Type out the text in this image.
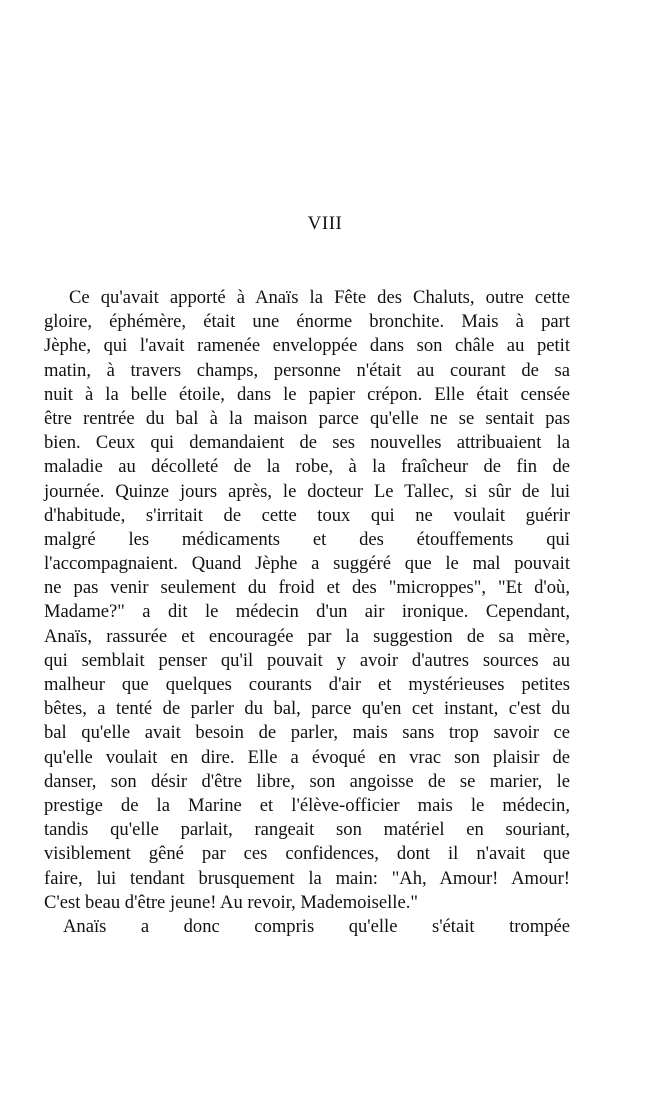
VIII
Ce qu'avait apporté à Anaïs la Fête des Chaluts, outre cette
gloire, éphémère, était une énorme bronchite. Mais à part
Jèphe, qui l'avait ramenée enveloppée dans son châle au petit
matin, à travers champs, personne n'était au courant de sa
nuit à la belle étoile, dans le papier crépon. Elle était censée
être rentrée du bal à la maison parce qu'elle ne se sentait pas
bien. Ceux qui demandaient de ses nouvelles attribuaient la
maladie au décolleté de la robe, à la fraîcheur de fin de
journée. Quinze jours après, le docteur Le Tallec, si sûr de lui
d'habitude, s'irritait de cette toux qui ne voulait guérir
malgré les médicaments et des étouffements qui
l'accompagnaient. Quand Jèphe a suggéré que le mal pouvait
ne pas venir seulement du froid et des "microppes", "Et d'où,
Madame?" a dit le médecin d'un air ironique. Cependant,
Anaïs, rassurée et encouragée par la suggestion de sa mère,
qui semblait penser qu'il pouvait y avoir d'autres sources au
malheur que quelques courants d'air et mystérieuses petites
bêtes, a tenté de parler du bal, parce qu'en cet instant, c'est du
bal qu'elle avait besoin de parler, mais sans trop savoir ce
qu'elle voulait en dire. Elle a évoqué en vrac son plaisir de
danser, son désir d'être libre, son angoisse de se marier, le
prestige de la Marine et l'élève-officier mais le médecin,
tandis qu'elle parlait, rangeait son matériel en souriant,
visiblement gêné par ces confidences, dont il n'avait que
faire, lui tendant brusquement la main: "Ah, Amour! Amour!
C'est beau d'être jeune! Au revoir, Mademoiselle."
Anaïs a donc compris qu'elle s'était trompée
